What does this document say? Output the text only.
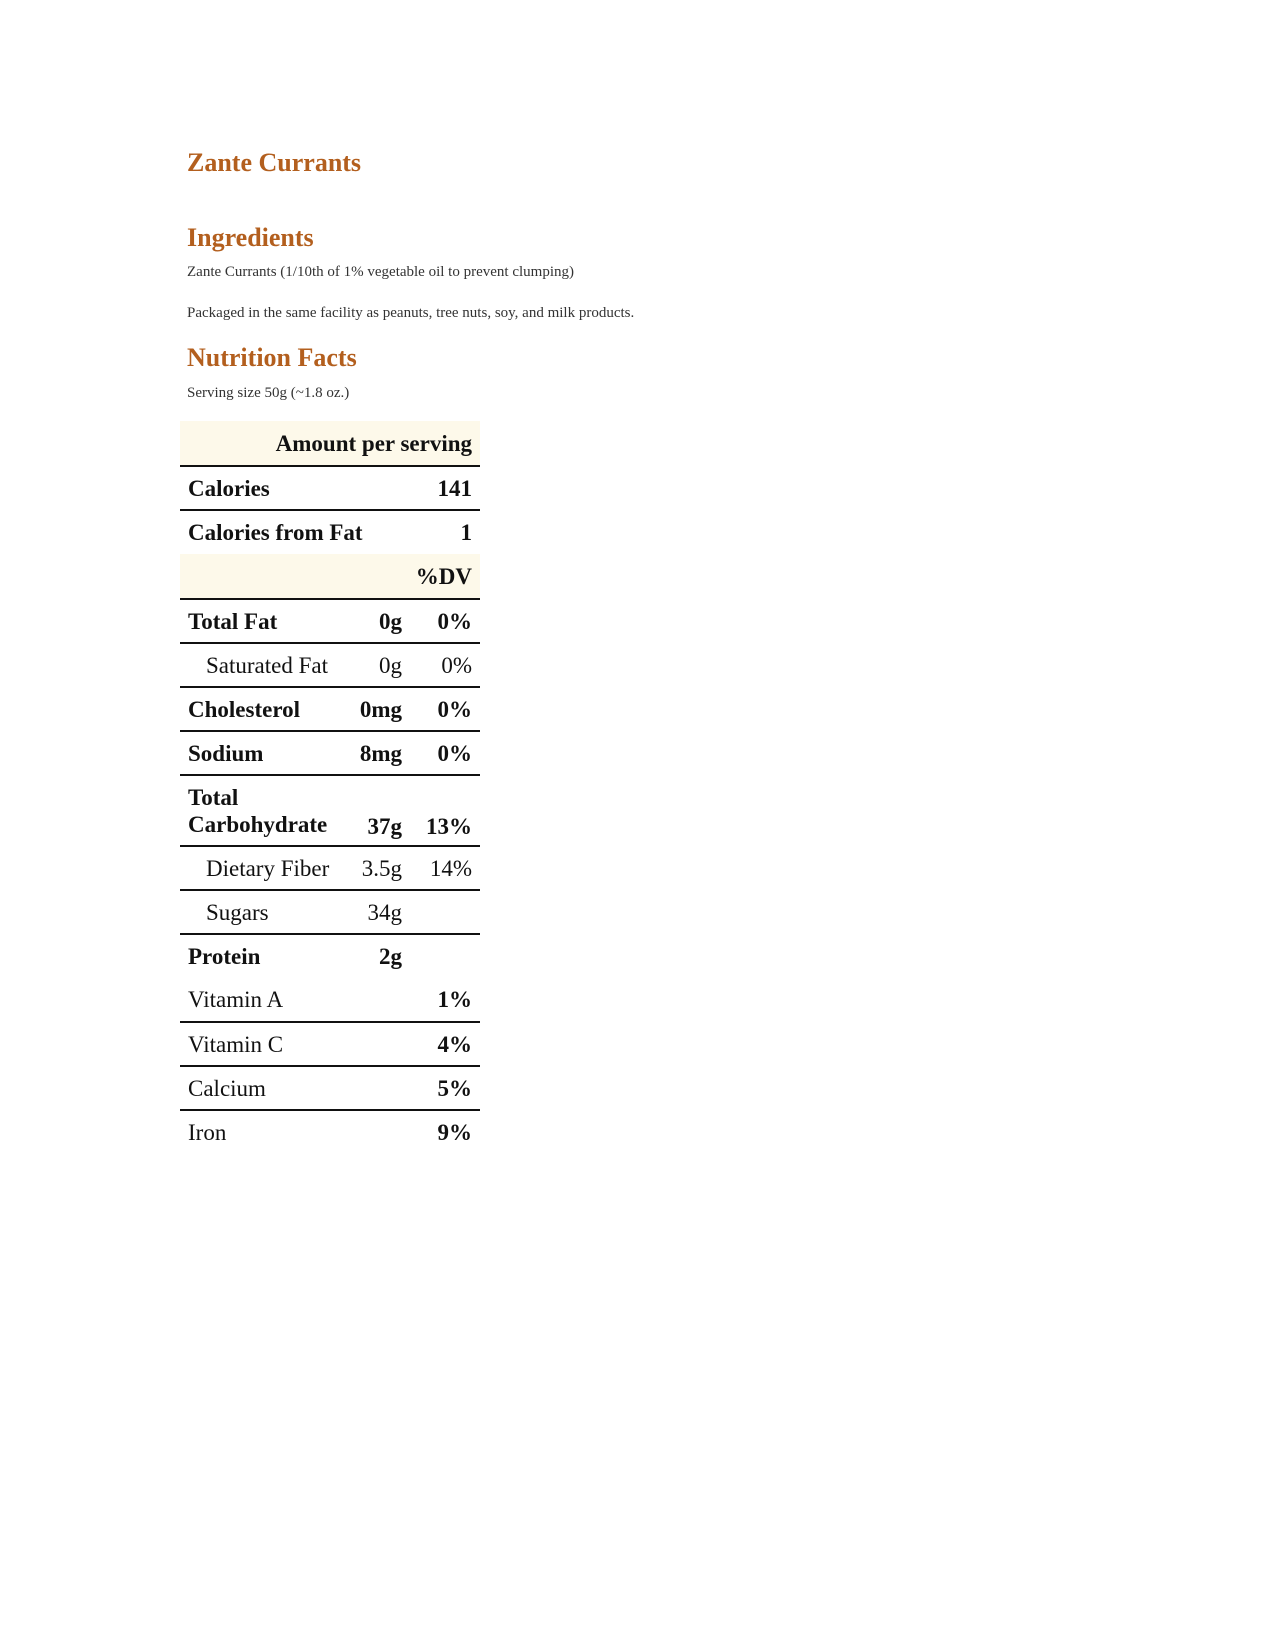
Zante Currants
Ingredients

Zante Currants (1/10th of 1% vegetable oil to prevent clumping)

Packaged in the same facility as peanuts, tree nuts, soy, and milk products.

Nutrition Facts

Serving size 50g (~1.8 oz.)

Amount per serving		
Calories		141
Calories from Fat		1
%DV		
Total Fat	0g	0%
Saturated Fat	0g	0%
Cholesterol	0mg	0%
Sodium	8mg	0%
Total
Carbohydrate	37g	13%
Dietary Fiber	3.5g	14%
Sugars	34g	
Protein	2g	
Vitamin A		1%
Vitamin C		4%
Calcium		5%
Iron		9%
